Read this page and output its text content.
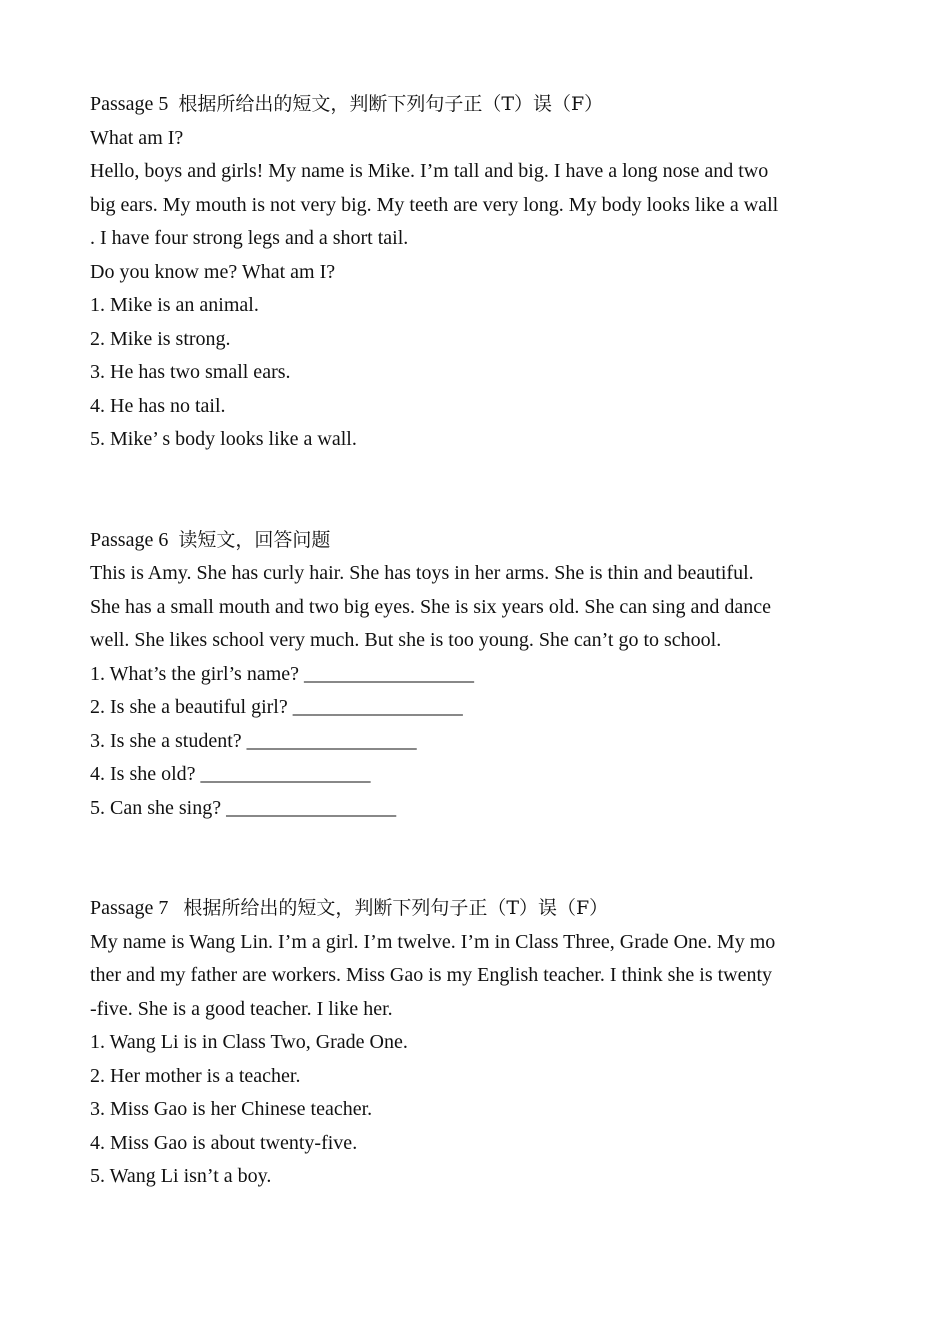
Passage 5  根据所给出的短文，判断下列句子正（T）误（F）
What am I?
Hello, boys and girls! My name is Mike. I’m tall and big. I have a long nose and two
big ears. My mouth is not very big. My teeth are very long. My body looks like a wall
. I have four strong legs and a short tail.
Do you know me? What am I?
1. Mike is an animal.
2. Mike is strong.
3. He has two small ears.
4. He has no tail.
5. Mike’ s body looks like a wall.
Passage 6  读短文，回答问题
This is Amy. She has curly hair. She has toys in her arms. She is thin and beautiful.
She has a small mouth and two big eyes. She is six years old. She can sing and dance
well. She likes school very much. But she is too young. She can’t go to school.
1. What’s the girl’s name? _________________
2. Is she a beautiful girl? _________________
3. Is she a student? _________________
4. Is she old? _________________
5. Can she sing? _________________
Passage 7   根据所给出的短文，判断下列句子正（T）误（F）
My name is Wang Lin. I’m a girl. I’m twelve. I’m in Class Three, Grade One. My mo
ther and my father are workers. Miss Gao is my English teacher. I think she is twenty
-five. She is a good teacher. I like her.
1. Wang Li is in Class Two, Grade One.
2. Her mother is a teacher.
3. Miss Gao is her Chinese teacher.
4. Miss Gao is about twenty-five.
5. Wang Li isn’t a boy.
